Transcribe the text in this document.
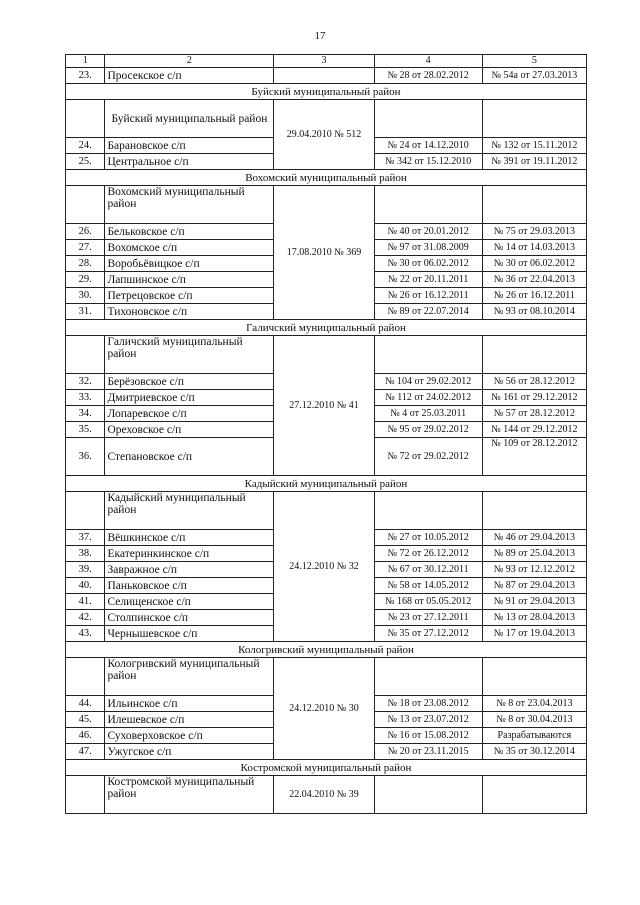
17
1	2	3	4	5
23.	Просекское с/п		№ 28 от 28.02.2012	№ 54а от 27.03.2013
Буйский муниципальный район				
	Буйский муниципальный район	29.04.2010 № 512		
24.	Барановское с/п		№ 24 от 14.12.2010	№ 132 от 15.11.2012
25.	Центральное с/п		№ 342 от 15.12.2010	№ 391 от 19.11.2012
Вохомский муниципальный район				
	Вохомский муниципальный район	17.08.2010 № 369		
26.	Бельковское с/п		№ 40 от 20.01.2012	№ 75 от 29.03.2013
27.	Вохомское с/п		№ 97 от 31.08.2009	№ 14 от 14.03.2013
28.	Воробьёвицкое с/п		№ 30 от 06.02.2012	№ 30 от 06.02.2012
29.	Лапшинское с/п		№ 22 от 20.11.2011	№ 36 от 22.04.2013
30.	Петрецовское с/п		№ 26 от 16.12.2011	№ 26 от 16.12.2011
31.	Тихоновское с/п		№ 89 от 22.07.2014	№ 93 от 08.10.2014
Галичский муниципальный район				
	Галичский муниципальный район	27.12.2010 № 41		
32.	Берёзовское с/п		№ 104 от 29.02.2012	№ 56 от 28.12.2012
33.	Дмитриевское с/п		№ 112 от 24.02.2012	№ 161 от 29.12.2012
34.	Лопаревское с/п		№ 4 от 25.03.2011	№ 57 от 28.12.2012
35.	Ореховское с/п		№ 95 от 29.02.2012	№ 144 от 29.12.2012
36.	Степановское с/п		№ 72 от 29.02.2012	№ 109 от 28.12.2012
Кадыйский муниципальный район				
	Кадыйский муниципальный район	24.12.2010 № 32		
37.	Вёшкинское с/п		№ 27 от 10.05.2012	№ 46 от 29.04.2013
38.	Екатеринкинское с/п		№ 72 от 26.12.2012	№ 89 от 25.04.2013
39.	Завражное с/п		№ 67 от 30.12.2011	№ 93 от 12.12.2012
40.	Паньковское с/п		№ 58 от 14.05.2012	№ 87 от 29.04.2013
41.	Селищенское с/п		№ 168 от 05.05.2012	№ 91 от 29.04.2013
42.	Столпинское с/п		№ 23 от 27.12.2011	№ 13 от 28.04.2013
43.	Чернышевское с/п		№ 35 от 27.12.2012	№ 17 от 19.04.2013
Кологривский муниципальный район				
	Кологривский муниципальный район	24.12.2010 № 30		
44.	Ильинское с/п		№ 18 от 23.08.2012	№ 8 от 23.04.2013
45.	Илешевское с/п		№ 13 от 23.07.2012	№ 8 от 30.04.2013
46.	Суховерховское с/п		№ 16 от 15.08.2012	Разрабатываются
47.	Ужугское с/п		№ 20 от 23.11.2015	№ 35 от 30.12.2014
Костромской муниципальный район				
	Костромской муниципальный район	22.04.2010 № 39		
